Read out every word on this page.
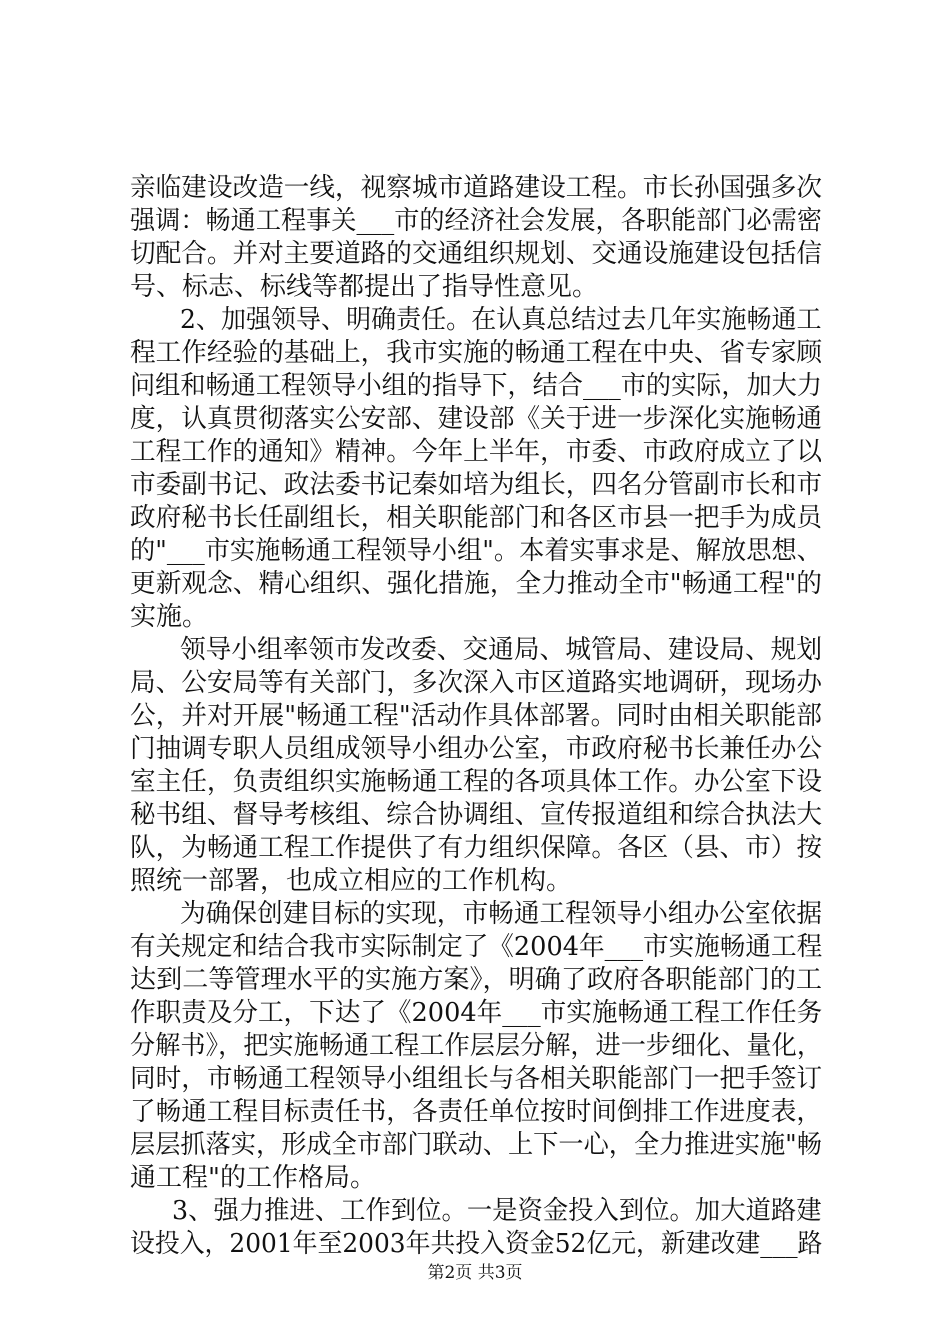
亲临建设改造一线，视察城市道路建设工程。市长孙国强多次
强调：畅通工程事关___市的经济社会发展，各职能部门必需密
切配合。并对主要道路的交通组织规划、交通设施建设包括信
号、标志、标线等都提出了指导性意见。
2、加强领导、明确责任。在认真总结过去几年实施畅通工
程工作经验的基础上，我市实施的畅通工程在中央、省专家顾
问组和畅通工程领导小组的指导下，结合___市的实际，加大力
度，认真贯彻落实公安部、建设部《关于进一步深化实施畅通
工程工作的通知》精神。今年上半年，市委、市政府成立了以
市委副书记、政法委书记秦如培为组长，四名分管副市长和市
政府秘书长任副组长，相关职能部门和各区市县一把手为成员
的"___市实施畅通工程领导小组"。本着实事求是、解放思想、
更新观念、精心组织、强化措施，全力推动全市"畅通工程"的
实施。
领导小组率领市发改委、交通局、城管局、建设局、规划
局、公安局等有关部门，多次深入市区道路实地调研，现场办
公，并对开展"畅通工程"活动作具体部署。同时由相关职能部
门抽调专职人员组成领导小组办公室，市政府秘书长兼任办公
室主任，负责组织实施畅通工程的各项具体工作。办公室下设
秘书组、督导考核组、综合协调组、宣传报道组和综合执法大
队，为畅通工程工作提供了有力组织保障。各区（县、市）按
照统一部署，也成立相应的工作机构。
为确保创建目标的实现，市畅通工程领导小组办公室依据
有关规定和结合我市实际制定了《2004年___市实施畅通工程
达到二等管理水平的实施方案》，明确了政府各职能部门的工
作职责及分工，下达了《2004年___市实施畅通工程工作任务
分解书》，把实施畅通工程工作层层分解，进一步细化、量化，
同时，市畅通工程领导小组组长与各相关职能部门一把手签订
了畅通工程目标责任书，各责任单位按时间倒排工作进度表，
层层抓落实，形成全市部门联动、上下一心，全力推进实施"畅
通工程"的工作格局。
3、强力推进、工作到位。一是资金投入到位。加大道路建
设投入，2001年至2003年共投入资金52亿元，新建改建___路
第2页 共3页
